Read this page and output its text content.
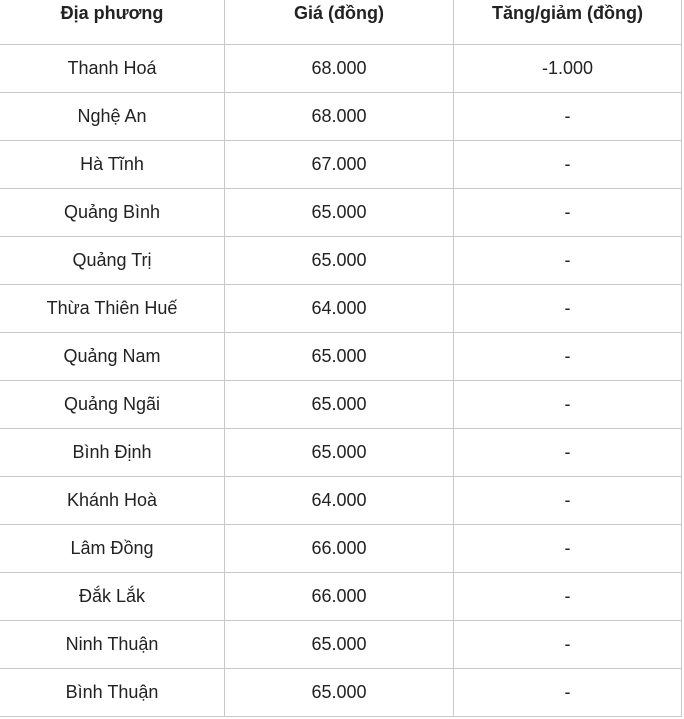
Địa phương	Giá (đồng)	Tăng/giảm (đồng)
Thanh Hoá	68.000	-1.000
Nghệ An	68.000	-
Hà Tĩnh	67.000	-
Quảng Bình	65.000	-
Quảng Trị	65.000	-
Thừa Thiên Huế	64.000	-
Quảng Nam	65.000	-
Quảng Ngãi	65.000	-
Bình Định	65.000	-
Khánh Hoà	64.000	-
Lâm Đồng	66.000	-
Đắk Lắk	66.000	-
Ninh Thuận	65.000	-
Bình Thuận	65.000	-
